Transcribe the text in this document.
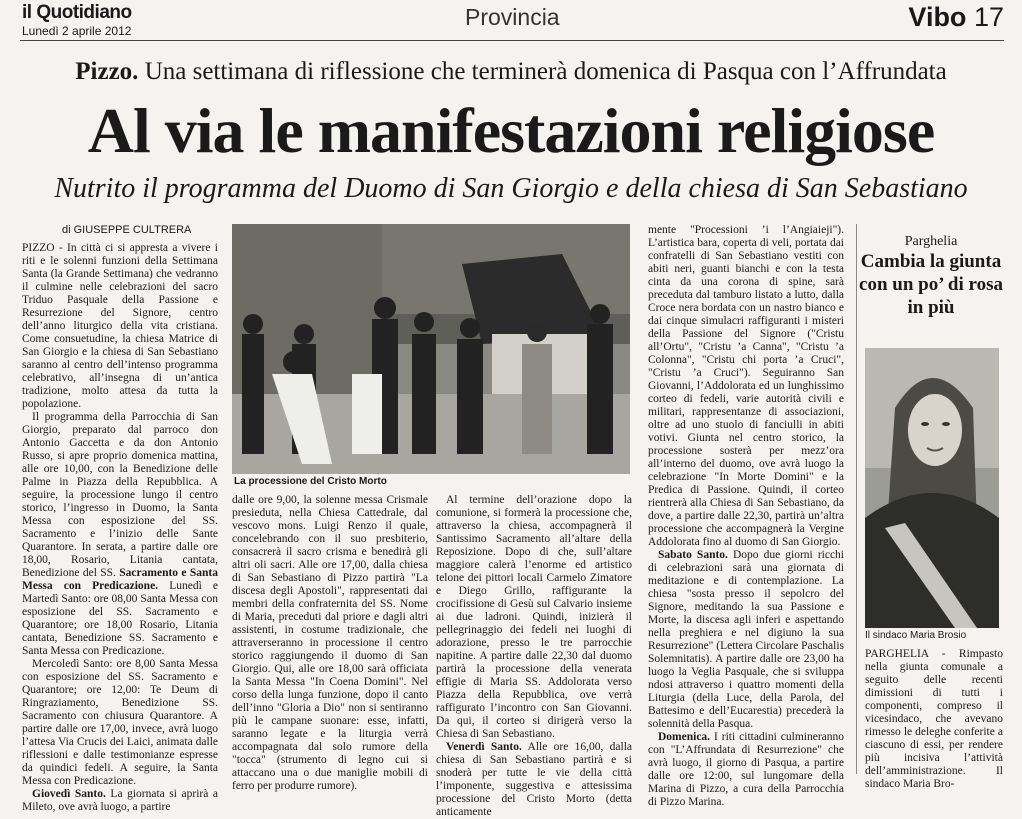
il Quotidiano
Lunedì 2 aprile 2012
Provincia	Vibo 17
Pizzo. Una settimana di riflessione che terminerà domenica di Pasqua con l’Affrundata
Al via le manifestazioni religiose
Nutrito il programma del Duomo di San Giorgio e della chiesa di San Sebastiano
di GIUSEPPE CULTRERA

PIZZO - In città ci si appresta a vivere i riti e le solenni funzioni della Settimana Santa (la Grande Settimana) che vedranno il culmine nelle celebrazioni del sacro Triduo Pasquale della Passione e Resurrezione del Signore, centro dell’anno liturgico della vita cristiana. Come consuetudine, la chiesa Matrice di San Giorgio e la chiesa di San Sebastiano saranno al centro dell’intenso programma celebrativo, all’insegna di un’antica tradizione, molto attesa da tutta la popolazione.

Il programma della Parrocchia di San Giorgio, preparato dal parroco don Antonio Gaccetta e da don Antonio Russo, si apre proprio domenica mattina, alle ore 10,00, con la Benedizione delle Palme in Piazza della Repubblica. A seguire, la processione lungo il centro storico, l’ingresso in Duomo, la Santa Messa con esposizione del SS. Sacramento e l’inizio delle Sante Quarantore. In serata, a partire dalle ore 18,00, Rosario, Litania cantata, Benedizione del SS. Sacramento e Santa Messa con Predicazione. Lunedì e Martedì Santo: ore 08,00 Santa Messa con esposizione del SS. Sacramento e Quarantore; ore 18,00 Rosario, Litania cantata, Benedizione SS. Sacramento e Santa Messa con Predicazione.

Mercoledì Santo: ore 8,00 Santa Messa con esposizione del SS. Sacramento e Quarantore; ore 12,00: Te Deum di Ringraziamento, Benedizione SS. Sacramento con chiusura Quarantore. A partire dalle ore 17,00, invece, avrà luogo l’attesa Via Crucis dei Laici, animata dalle riflessioni e dalle testimonianze espresse da quindici fedeli. A seguire, la Santa Messa con Predicazione.

Giovedì Santo. La giornata si aprirà a Mileto, ove avrà luogo, a partire

La processione del Cristo Morto

dalle ore 9,00, la solenne messa Crismale presieduta, nella Chiesa Cattedrale, dal vescovo mons. Luigi Renzo il quale, concelebrando con il suo presbiterio, consacrerà il sacro crisma e benedirà gli altri oli sacri. Alle ore 17,00, dalla chiesa di San Sebastiano di Pizzo partirà "La discesa degli Apostoli", rappresentati dai membri della confraternita del SS. Nome di Maria, preceduti dal priore e dagli altri assistenti, in costume tradizionale, che attraverseranno in processione il centro storico raggiungendo il duomo di San Giorgio. Qui, alle ore 18,00 sarà officiata la Santa Messa "In Coena Domini". Nel corso della lunga funzione, dopo il canto dell’inno "Gloria a Dio" non si sentiranno più le campane suonare: esse, infatti, saranno legate e la liturgia verrà accompagnata dal solo rumore della "tocca" (strumento di legno cui si attaccano una o due maniglie mobili di ferro per produrre rumore).

Al termine dell’orazione dopo la comunione, si formerà la processione che, attraverso la chiesa, accompagnerà il Santissimo Sacramento all’altare della Reposizione. Dopo di che, sull’altare maggiore calerà l’enorme ed artistico telone dei pittori locali Carmelo Zimatore e Diego Grillo, raffigurante la crocifissione di Gesù sul Calvario insieme ai due ladroni. Quindi, inizierà il pellegrinaggio dei fedeli nei luoghi di adorazione, presso le tre parrocchie napitine. A partire dalle 22,30 dal duomo partirà la processione della venerata effigie di Maria SS. Addolorata verso Piazza della Repubblica, ove verrà raffigurato l’incontro con San Giovanni. Da qui, il corteo si dirigerà verso la Chiesa di San Sebastiano.

Venerdì Santo. Alle ore 16,00, dalla chiesa di San Sebastiano partirà e si snoderà per tutte le vie della città l’imponente, suggestiva e attesissima processione del Cristo Morto (detta anticamente

mente "Processioni ’i l’Angiaieji"). L’artistica bara, coperta di veli, portata dai confratelli di San Sebastiano vestiti con abiti neri, guanti bianchi e con la testa cinta da una corona di spine, sarà preceduta dal tamburo listato a lutto, dalla Croce nera bordata con un nastro bianco e dai cinque simulacri raffiguranti i misteri della Passione del Signore ("Cristu all’Ortu", "Cristu ’a Canna", "Cristu ’a Colonna", "Cristu chi porta ’a Cruci", "Cristu ’a Cruci"). Seguiranno San Giovanni, l’Addolorata ed un lunghissimo corteo di fedeli, varie autorità civili e militari, rappresentanze di associazioni, oltre ad uno stuolo di fanciulli in abiti votivi. Giunta nel centro storico, la processione sosterà per mezz’ora all’interno del duomo, ove avrà luogo la celebrazione "In Morte Domini" e la Predica di Passione. Quindi, il corteo rientrerà alla Chiesa di San Sebastiano, da dove, a partire dalle 22,30, partirà un’altra processione che accompagnerà la Vergine Addolorata fino al duomo di San Giorgio.

Sabato Santo. Dopo due giorni ricchi di celebrazioni sarà una giornata di meditazione e di contemplazione. La chiesa "sosta presso il sepolcro del Signore, meditando la sua Passione e Morte, la discesa agli inferi e aspettando nella preghiera e nel digiuno la sua Resurrezione" (Lettera Circolare Paschalis Solemnitatis). A partire dalle ore 23,00 ha luogo la Veglia Pasquale, che si sviluppa ndosi attraverso i quattro momenti della Liturgia (della Luce, della Parola, del Battesimo e dell’Eucarestia) precederà la solennità della Pasqua.

Domenica. I riti cittadini culmineranno con "L’Affrundata di Resurrezione" che avrà luogo, il giorno di Pasqua, a partire dalle ore 12:00, sul lungomare della Marina di Pizzo, a cura della Parrocchia di Pizzo Marina.

Parghelia
Cambia la giunta con un po’ di rosa in più
Il sindaco Maria Brosio
PARGHELIA - Rimpasto nella giunta comunale a seguito delle recenti dimissioni di tutti i componenti, compreso il vicesindaco, che avevano rimesso le deleghe conferite a ciascuno di essi, per rendere più incisiva l’attività dell’amministrazione. Il sindaco Maria Bro-
